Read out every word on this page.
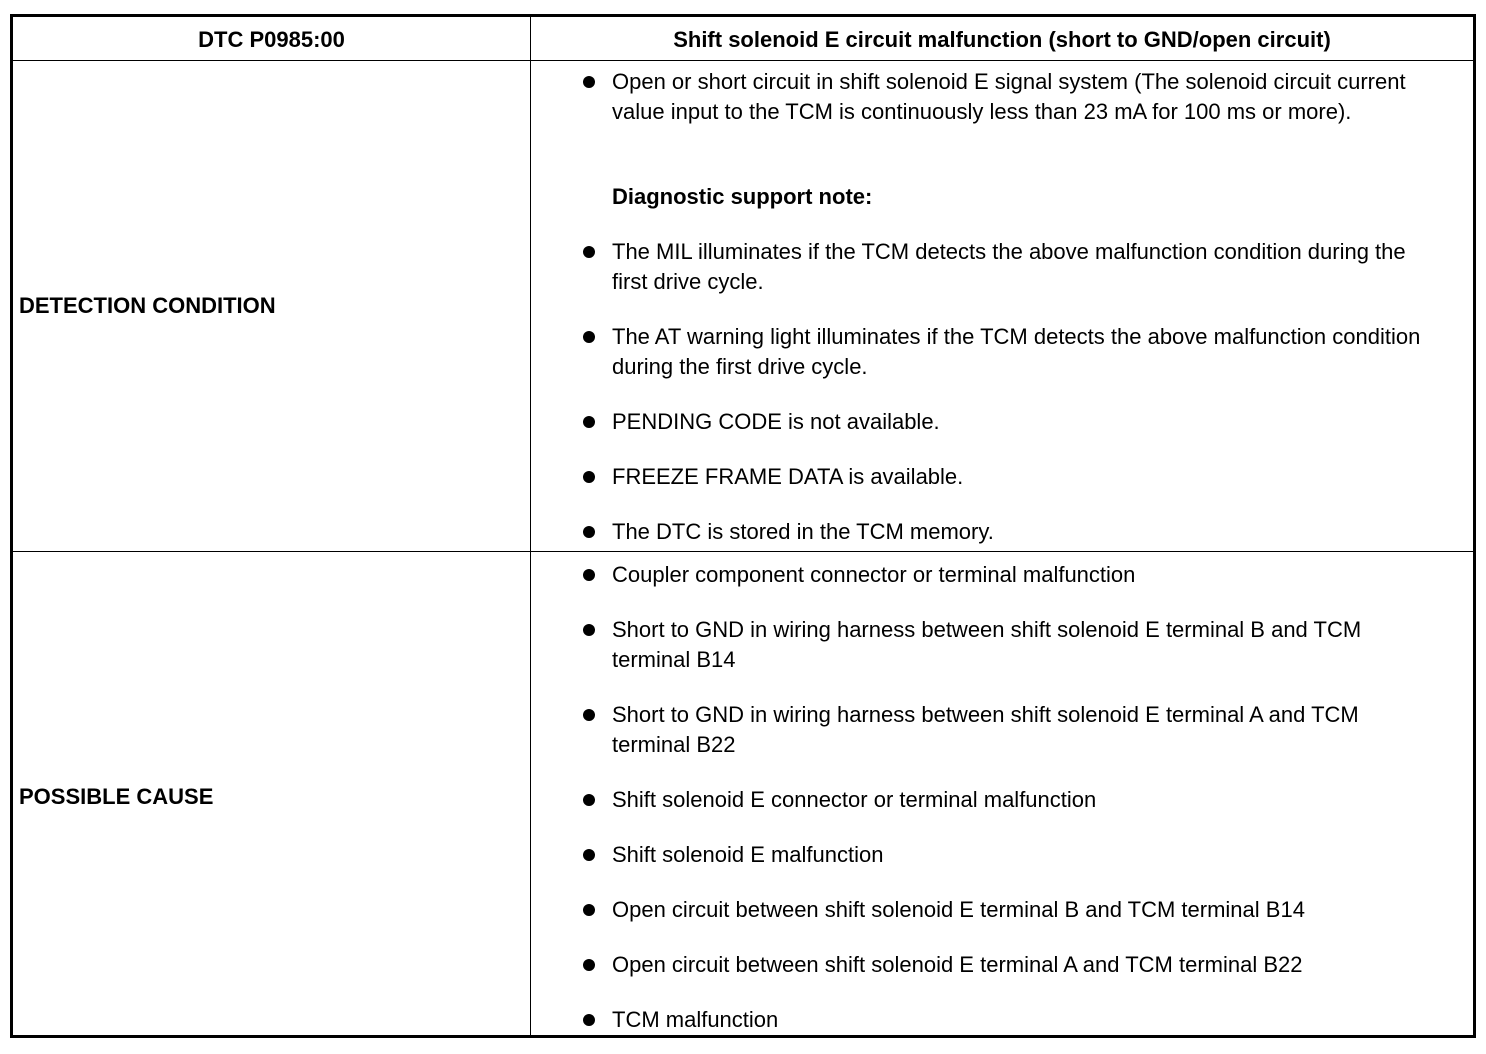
DTC P0985:00	Shift solenoid E circuit malfunction (short to GND/open circuit)
DETECTION CONDITION
Open or short circuit in shift solenoid E signal system (The solenoid circuit current value input to the TCM is continuously less than 23 mA for 100 ms or more).
Diagnostic support note:
The MIL illuminates if the TCM detects the above malfunction condition during the first drive cycle.
The AT warning light illuminates if the TCM detects the above malfunction condition during the first drive cycle.
PENDING CODE is not available.
FREEZE FRAME DATA is available.
The DTC is stored in the TCM memory.
POSSIBLE CAUSE
Coupler component connector or terminal malfunction
Short to GND in wiring harness between shift solenoid E terminal B and TCM terminal B14
Short to GND in wiring harness between shift solenoid E terminal A and TCM terminal B22
Shift solenoid E connector or terminal malfunction
Shift solenoid E malfunction
Open circuit between shift solenoid E terminal B and TCM terminal B14
Open circuit between shift solenoid E terminal A and TCM terminal B22
TCM malfunction
